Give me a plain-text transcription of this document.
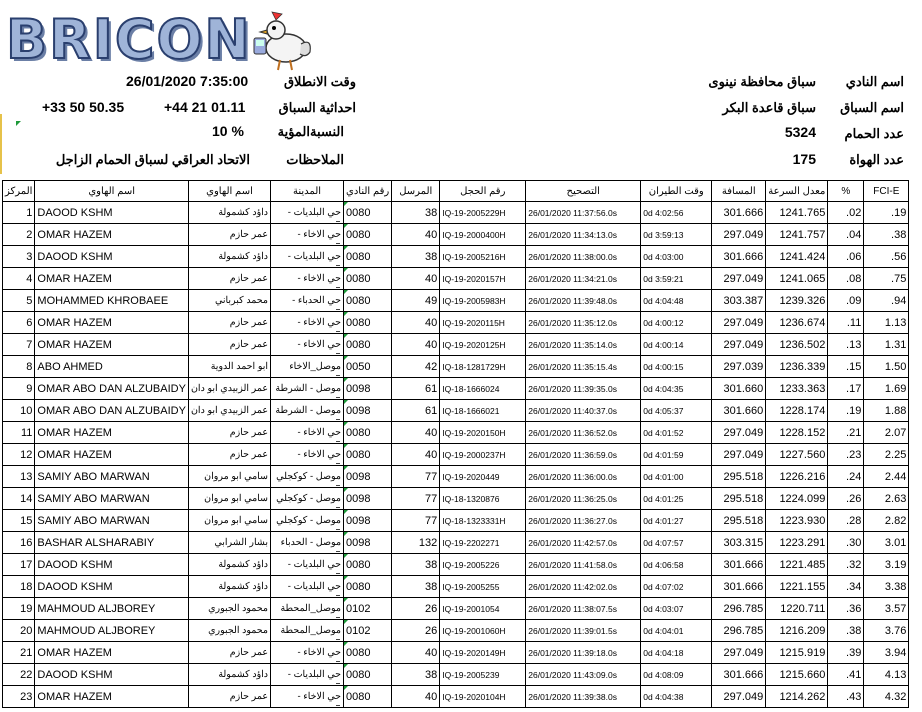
BRICON
اسم النادي
سباق محافظة نينوى
اسم السباق
سباق قاعدة البكر
عدد الحمام
5324
عدد الهواة
175
وقت الانطلاق
26/01/2020 7:35:00
احداثية السباق
+44 21 01.11
+33 50 50.35
النسبةالمؤية
10 %
الملاحظات
الاتحاد العراقي لسباق الحمام الزاجل
المركز	اسم الهاوي	اسم الهاوي	المدينة	رقم النادي	المرسل	رقم الحجل	التصحيح	وقت الطيران	المسافة	معدل السرعة	%	FCI-E
1	DAOOD KSHM	داؤد كشمولة	حي البلديات -	0080	38	IQ-19-2005229H	26/01/2020 11:37:56.0s	0d 4:02:56	301.666	1241.765	.02	.19
2	OMAR HAZEM	عمر حازم	حي الاخاء -	0080	40	IQ-19-2000400H	26/01/2020 11:34:13.0s	0d 3:59:13	297.049	1241.757	.04	.38
3	DAOOD KSHM	داؤد كشمولة	حي البلديات -	0080	38	IQ-19-2005216H	26/01/2020 11:38:00.0s	0d 4:03:00	301.666	1241.424	.06	.56
4	OMAR HAZEM	عمر حازم	حي الاخاء -	0080	40	IQ-19-2020157H	26/01/2020 11:34:21.0s	0d 3:59:21	297.049	1241.065	.08	.75
5	MOHAMMED KHROBAEE	محمد كبرباني	حي الحدباء -	0080	49	IQ-19-2005983H	26/01/2020 11:39:48.0s	0d 4:04:48	303.387	1239.326	.09	.94
6	OMAR HAZEM	عمر حازم	حي الاخاء -	0080	40	IQ-19-2020115H	26/01/2020 11:35:12.0s	0d 4:00:12	297.049	1236.674	.11	1.13
7	OMAR HAZEM	عمر حازم	حي الاخاء -	0080	40	IQ-19-2020125H	26/01/2020 11:35:14.0s	0d 4:00:14	297.049	1236.502	.13	1.31
8	ABO AHMED	ابو احمد الدوية	موصل_الاخاء	0050	42	IQ-18-1281729H	26/01/2020 11:35:15.4s	0d 4:00:15	297.039	1236.339	.15	1.50
9	OMAR ABO DAN ALZUBAIDY	عمر الزبيدي ابو دان	موصل - الشرطة	0098	61	IQ-18-1666024	26/01/2020 11:39:35.0s	0d 4:04:35	301.660	1233.363	.17	1.69
10	OMAR ABO DAN ALZUBAIDY	عمر الزبيدي ابو دان	موصل - الشرطة	0098	61	IQ-18-1666021	26/01/2020 11:40:37.0s	0d 4:05:37	301.660	1228.174	.19	1.88
11	OMAR HAZEM	عمر حازم	حي الاخاء -	0080	40	IQ-19-2020150H	26/01/2020 11:36:52.0s	0d 4:01:52	297.049	1228.152	.21	2.07
12	OMAR HAZEM	عمر حازم	حي الاخاء -	0080	40	IQ-19-2000237H	26/01/2020 11:36:59.0s	0d 4:01:59	297.049	1227.560	.23	2.25
13	SAMIY ABO MARWAN	سامي ابو مروان	موصل - كوكجلي	0098	77	IQ-19-2020449	26/01/2020 11:36:00.0s	0d 4:01:00	295.518	1226.216	.24	2.44
14	SAMIY ABO MARWAN	سامي ابو مروان	موصل - كوكجلي	0098	77	IQ-18-1320876	26/01/2020 11:36:25.0s	0d 4:01:25	295.518	1224.099	.26	2.63
15	SAMIY ABO MARWAN	سامي ابو مروان	موصل - كوكجلي	0098	77	IQ-18-1323331H	26/01/2020 11:36:27.0s	0d 4:01:27	295.518	1223.930	.28	2.82
16	BASHAR ALSHARABIY	بشار الشرابي	موصل - الحدباء	0098	132	IQ-19-2202271	26/01/2020 11:42:57.0s	0d 4:07:57	303.315	1223.291	.30	3.01
17	DAOOD KSHM	داؤد كشمولة	حي البلديات -	0080	38	IQ-19-2005226	26/01/2020 11:41:58.0s	0d 4:06:58	301.666	1221.485	.32	3.19
18	DAOOD KSHM	داؤد كشمولة	حي البلديات -	0080	38	IQ-19-2005255	26/01/2020 11:42:02.0s	0d 4:07:02	301.666	1221.155	.34	3.38
19	MAHMOUD ALJBOREY	محمود الجبوري	موصل_المحطة	0102	26	IQ-19-2001054	26/01/2020 11:38:07.5s	0d 4:03:07	296.785	1220.711	.36	3.57
20	MAHMOUD ALJBOREY	محمود الجبوري	موصل_المحطة	0102	26	IQ-19-2001060H	26/01/2020 11:39:01.5s	0d 4:04:01	296.785	1216.209	.38	3.76
21	OMAR HAZEM	عمر حازم	حي الاخاء -	0080	40	IQ-19-2020149H	26/01/2020 11:39:18.0s	0d 4:04:18	297.049	1215.919	.39	3.94
22	DAOOD KSHM	داؤد كشمولة	حي البلديات -	0080	38	IQ-19-2005239	26/01/2020 11:43:09.0s	0d 4:08:09	301.666	1215.660	.41	4.13
23	OMAR HAZEM	عمر حازم	حي الاخاء -	0080	40	IQ-19-2020104H	26/01/2020 11:39:38.0s	0d 4:04:38	297.049	1214.262	.43	4.32
